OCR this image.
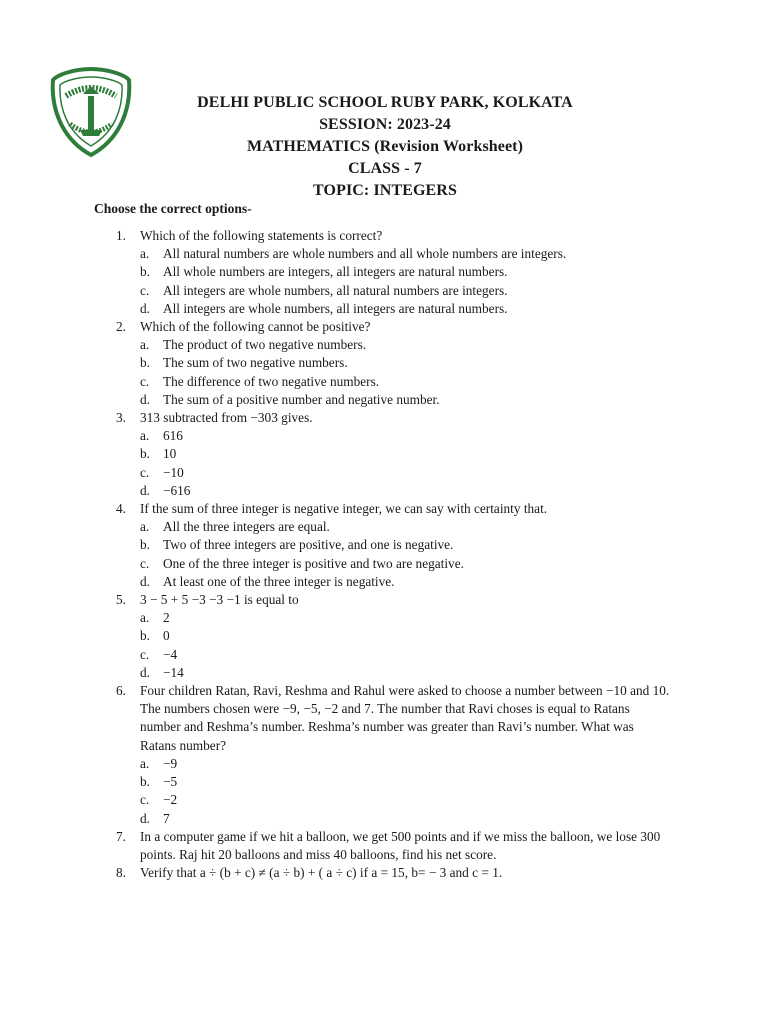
DELHI PUBLIC SCHOOL RUBY PARK, KOLKATA
SESSION: 2023-24
MATHEMATICS (Revision Worksheet)
CLASS - 7
TOPIC: INTEGERS
Choose the correct options-
1. Which of the following statements is correct?
a. All natural numbers are whole numbers and all whole numbers are integers.
b. All whole numbers are integers, all integers are natural numbers.
c. All integers are whole numbers, all natural numbers are integers.
d. All integers are whole numbers, all integers are natural numbers.
2. Which of the following cannot be positive?
a. The product of two negative numbers.
b. The sum of two negative numbers.
c. The difference of two negative numbers.
d. The sum of a positive number and negative number.
3. 313 subtracted from −303 gives.
a. 616
b. 10
c. −10
d. −616
4. If the sum of three integer is negative integer, we can say with certainty that.
a. All the three integers are equal.
b. Two of three integers are positive, and one is negative.
c. One of the three integer is positive and two are negative.
d. At least one of the three integer is negative.
5. 3 − 5 + 5 −3 −3 −1 is equal to
a. 2
b. 0
c. −4
d. −14
6. Four children Ratan, Ravi, Reshma and Rahul were asked to choose a number between −10 and 10. The numbers chosen were −9, −5, −2 and 7. The number that Ravi choses is equal to Ratans number and Reshma’s number. Reshma’s number was greater than Ravi’s number. What was Ratans number?
a. −9
b. −5
c. −2
d. 7
7. In a computer game if we hit a balloon, we get 500 points and if we miss the balloon, we lose 300 points. Raj hit 20 balloons and miss 40 balloons, find his net score.
8. Verify that a ÷ (b + c) ≠ (a ÷ b) + ( a ÷ c) if a = 15, b= − 3 and c = 1.
